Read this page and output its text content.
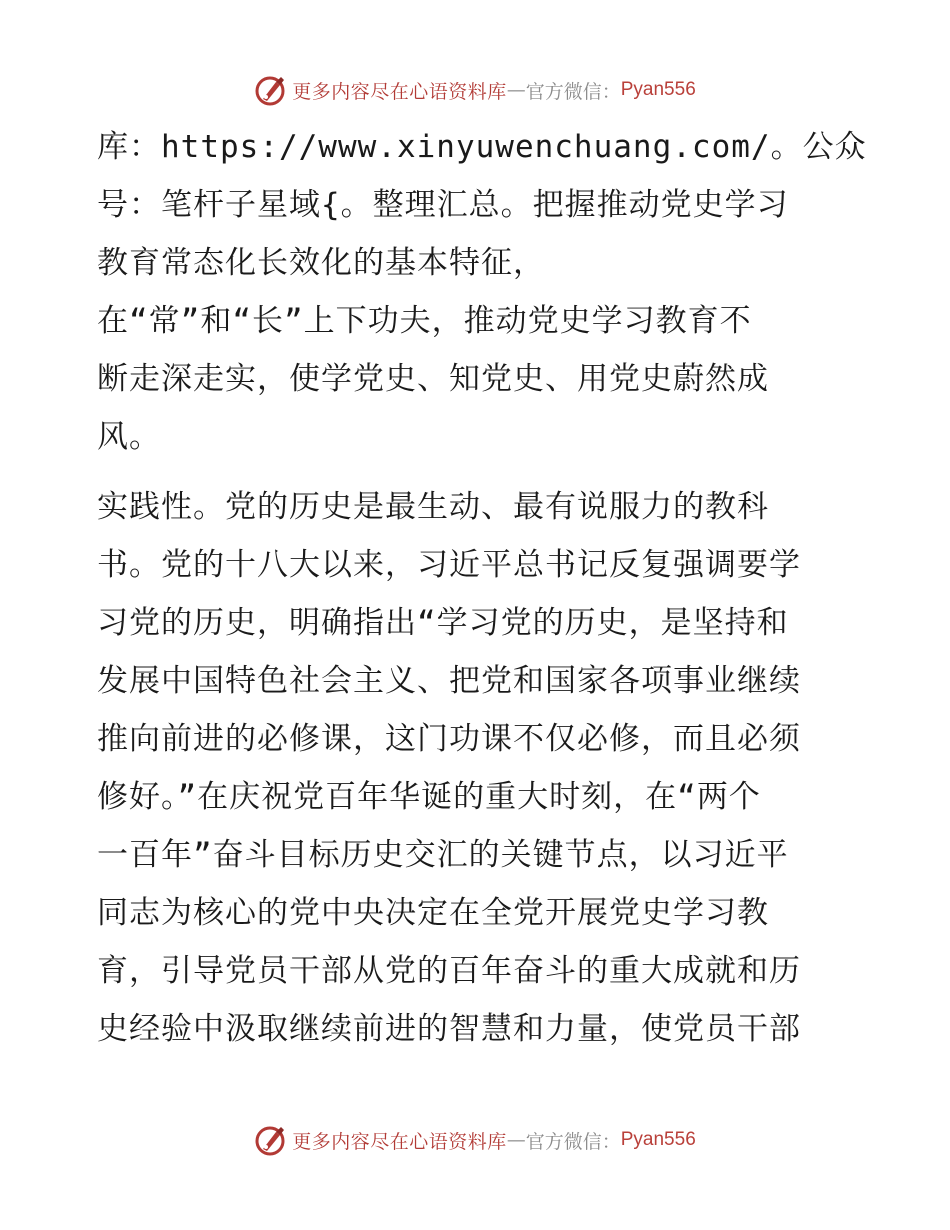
更多内容尽在心语资料库 — 官方微信： Pyan556
库：https://www.xinyuwenchuang.com/。公众
号：笔杆子星域{。整理汇总。把握推动党史学习
教育常态化长效化的基本特征，
在“常”和“长”上下功夫，推动党史学习教育不
断走深走实，使学党史、知党史、用党史蔚然成
风。
实践性。党的历史是最生动、最有说服力的教科
书。党的十八大以来，习近平总书记反复强调要学
习党的历史，明确指出“学习党的历史，是坚持和
发展中国特色社会主义、把党和国家各项事业继续
推向前进的必修课，这门功课不仅必修，而且必须
修好。”在庆祝党百年华诞的重大时刻，在“两个
一百年”奋斗目标历史交汇的关键节点，以习近平
同志为核心的党中央决定在全党开展党史学习教
育，引导党员干部从党的百年奋斗的重大成就和历
史经验中汲取继续前进的智慧和力量，使党员干部
更多内容尽在心语资料库 — 官方微信： Pyan556
